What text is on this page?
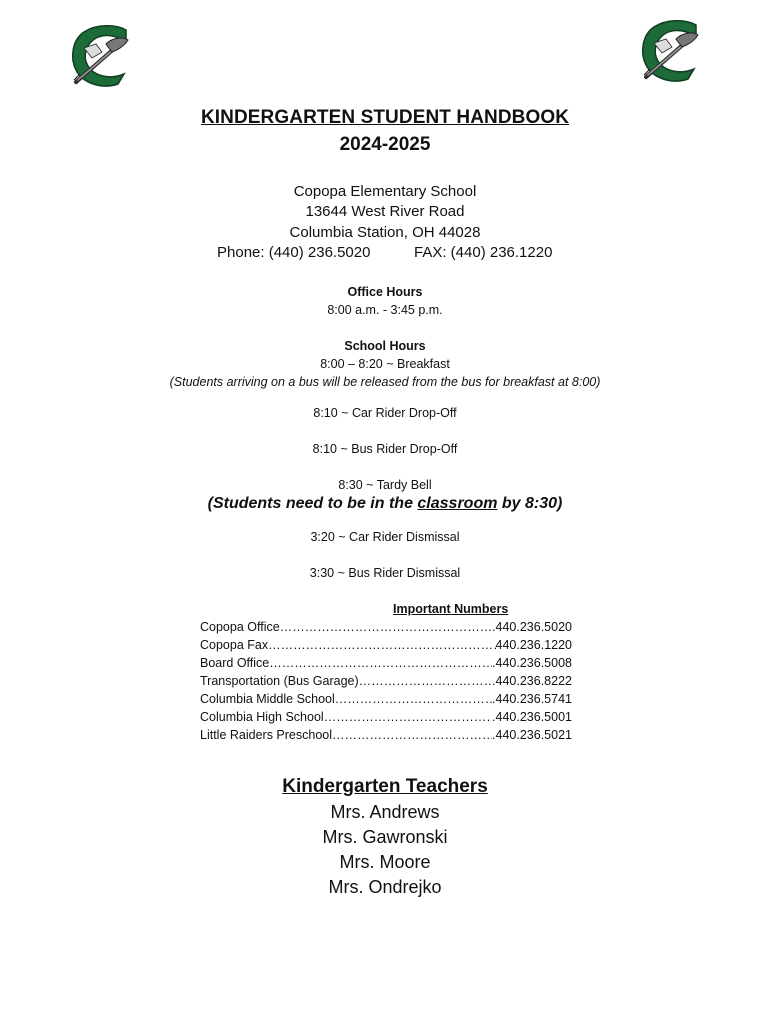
KINDERGARTEN STUDENT HANDBOOK
2024-2025
Copopa Elementary School
13644 West River Road
Columbia Station, OH 44028
Phone: (440) 236.5020	FAX: (440) 236.1220
Office Hours
8:00 a.m. - 3:45 p.m.
School Hours
8:00 – 8:20 ~ Breakfast
(Students arriving on a bus will be released from the bus for breakfast at 8:00)
8:10 ~ Car Rider Drop-Off
8:10 ~ Bus Rider Drop-Off
8:30 ~ Tardy Bell
(Students need to be in the classroom by 8:30)
3:20 ~ Car Rider Dismissal
3:30 ~ Bus Rider Dismissal
Important Numbers
Copopa Office …………………………………………………………………………………………	.440.236.5020
Copopa Fax …………………………………………………………………………………………	440.236.1220
Board Office …………………………………………………………………………………………	.440.236.5008
Transportation (Bus Garage) …………………………………………………………………………………………	.440.236.8222
Columbia Middle School …………………………………………………………………………………………	.440.236.5741
Columbia High School …………………………………………………………………………………………	.440.236.5001
Little Raiders Preschool …………………………………………………………………………………………	.440.236.5021
Kindergarten Teachers
Mrs. Andrews
Mrs. Gawronski
Mrs. Moore
Mrs. Ondrejko
